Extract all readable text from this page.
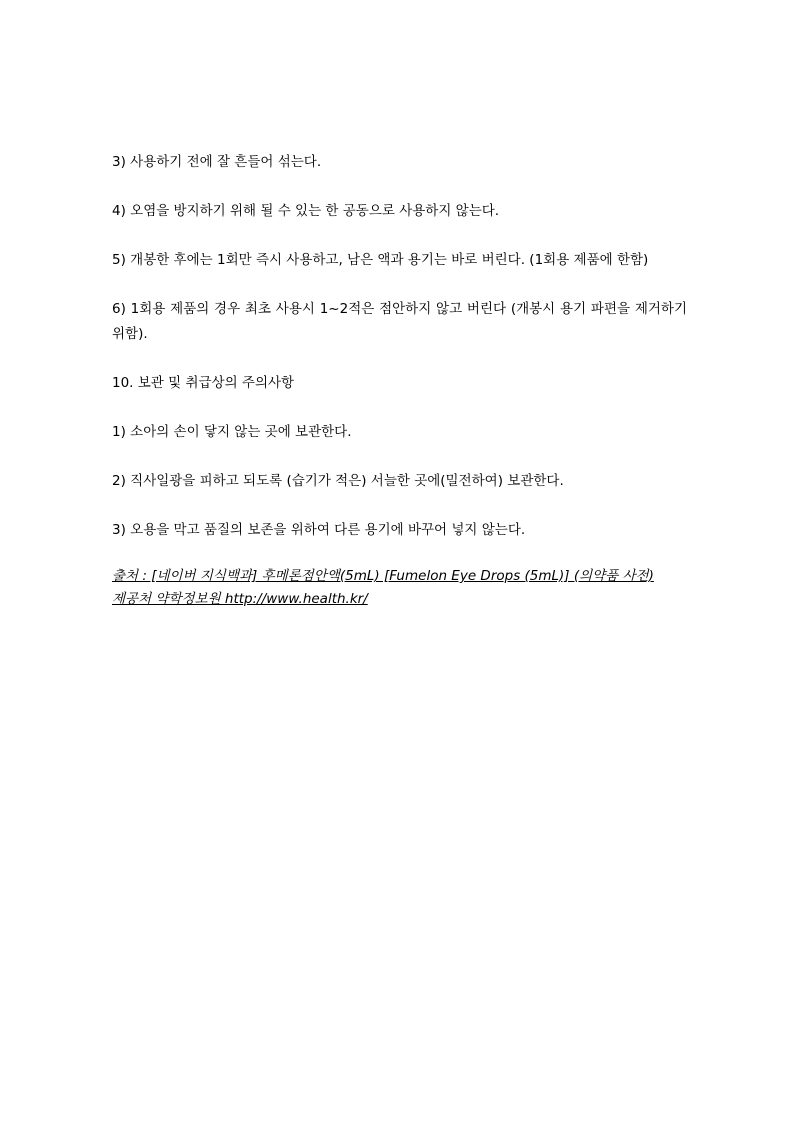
3) 사용하기 전에 잘 흔들어 섞는다.

4) 오염을 방지하기 위해 될 수 있는 한 공동으로 사용하지 않는다.

5) 개봉한 후에는 1회만 즉시 사용하고, 남은 액과 용기는 바로 버린다. (1회용 제품에 한함)

6) 1회용 제품의 경우 최초 사용시 1~2적은 점안하지 않고 버린다 (개봉시 용기 파편을 제거하기 위함).

10. 보관 및 취급상의 주의사항

1) 소아의 손이 닿지 않는 곳에 보관한다.

2) 직사일광을 피하고 되도록 (습기가 적은) 서늘한 곳에(밀전하여) 보관한다.

3) 오용을 막고 품질의 보존을 위하여 다른 용기에 바꾸어 넣지 않는다.

출처 : [네이버 지식백과] 후메론점안액(5mL) [Fumelon Eye Drops (5mL)] (의약품 사전)
제공처 약학정보원 http://www.health.kr/
